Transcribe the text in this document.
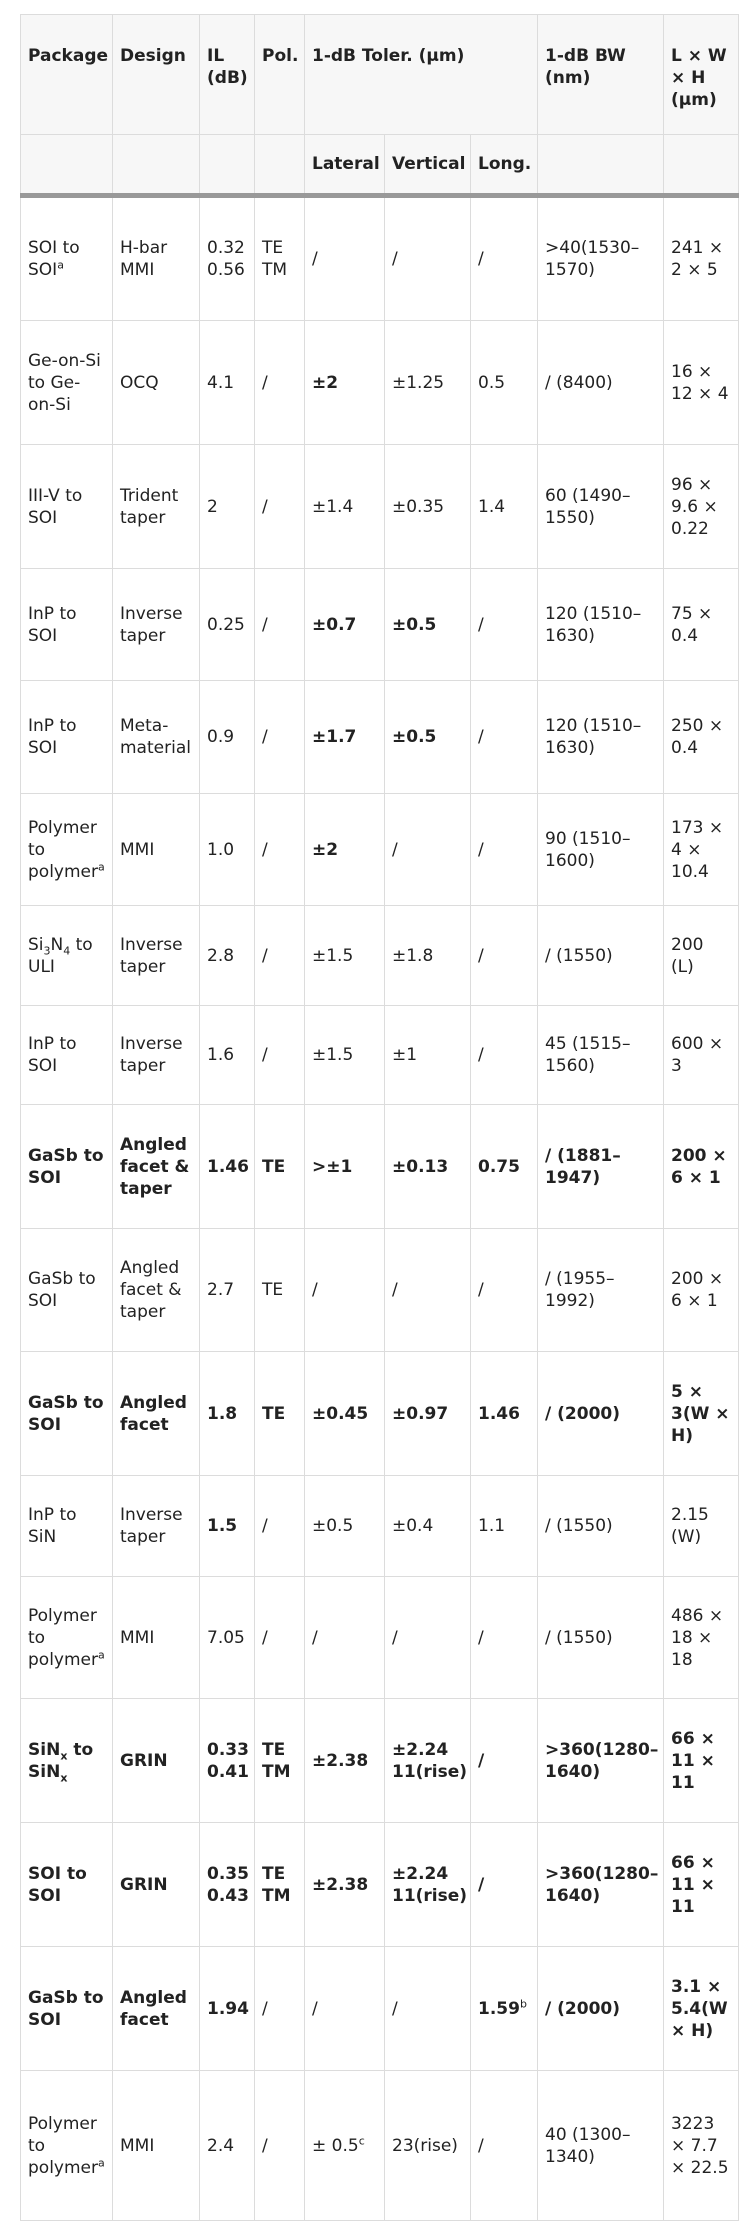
Package	Design	IL (dB)	Pol.	1-dB Toler. (µm)			1-dB BW (nm)	L × W × H (µm)
				Lateral	Vertical	Long.		
SOI to SOI$^a$	H-bar MMI	0.32 0.56	TE TM	/	/	/	>40(1530–1570)	241 × 2 × 5
Ge-on-Si to Ge-on-Si	OCQ	4.1	/	±2	±1.25	0.5	/ (8400)	16 × 12 × 4
III-V to SOI	Trident taper	2	/	±1.4	±0.35	1.4	60 (1490–1550)	96 × 9.6 × 0.22
InP to SOI	Inverse taper	0.25	/	±0.7	±0.5	/	120 (1510–1630)	75 × 0.4
InP to SOI	Meta-material	0.9	/	±1.7	±0.5	/	120 (1510–1630)	250 × 0.4
Polymer to polymer$^a$	MMI	1.0	/	±2	/	/	90 (1510–1600)	173 × 4 × 10.4
$Si_3N_4$ to ULI	Inverse taper	2.8	/	±1.5	±1.8	/	/ (1550)	200 (L)
InP to SOI	Inverse taper	1.6	/	±1.5	±1	/	45 (1515–1560)	600 × 3
GaSb to SOI	Angled facet & taper	1.46	TE	>±1	±0.13	0.75	/ (1881–1947)	200 × 6 × 1
GaSb to SOI	Angled facet & taper	2.7	TE	/	/	/	/ (1955–1992)	200 × 6 × 1
GaSb to SOI	Angled facet	1.8	TE	±0.45	±0.97	1.46	/ (2000)	5 × 3(W × H)
InP to SiN	Inverse taper	1.5	/	±0.5	±0.4	1.1	/ (1550)	2.15 (W)
Polymer to polymer$^a$	MMI	7.05	/	/	/	/	/ (1550)	486 × 18 × 18
SiN$_x$ to SiN$_x$	GRIN	0.33 0.41	TE TM	±2.38	±2.24 11(rise)	/	>360(1280–1640)	66 × 11 × 11
SOI to SOI	GRIN	0.35 0.43	TE TM	±2.38	±2.24 11(rise)	/	>360(1280–1640)	66 × 11 × 11
GaSb to SOI	Angled facet	1.94	/	/	/	1.59$^b$	/ (2000)	3.1 × 5.4(W × H)
Polymer to polymer$^a$	MMI	2.4	/	± 0.5$^c$	23(rise)	/	40 (1300–1340)	3223 × 7.7 × 22.5
